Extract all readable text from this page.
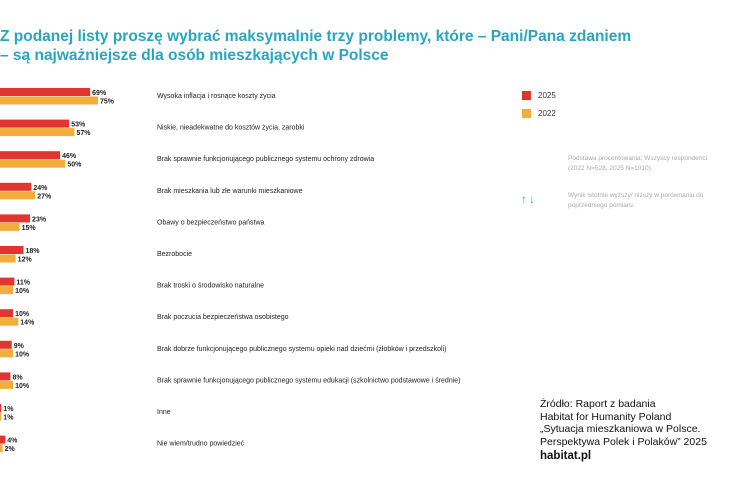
Z podanej listy proszę wybrać maksymalnie trzy problemy, które – Pani/Pana zdaniem
– są najważniejsze dla osób mieszkających w Polsce
69%
75%
Wysoka inflacja i rosnące koszty życia
53%
57%
Niskie, nieadekwatne do kosztów życia, zarobki
46%
50%
Brak sprawnie funkcjonującego publicznego systemu ochrony zdrowia
24%
27%
Brak mieszkania lub złe warunki mieszkaniowe
23%
15%
Obawy o bezpieczeństwo państwa
18%
12%
Bezrobocie
11%
10%
Brak troski o środowisko naturalne
10%
14%
Brak poczucia bezpieczeństwa osobistego
9%
10%
Brak dobrze funkcjonującego publicznego systemu opieki nad dziećmi (żłobków i przedszkoli)
8%
10%
Brak sprawnie funkcjonującego publicznego systemu edukacji (szkolnictwo podstawowe i średnie)
1%
1%
Inne
4%
2%
Nie wiem/trudno powiedzieć
2025
2022
Podstawa procentowania: Wszyscy respondenci (2022 N=528, 2025 N=1010).
↑↓	Wynik istotnie wyższy/ niższy w porównaniu do poprzedniego pomiaru.
Źródło: Raport z badania
Habitat for Humanity Poland
„Sytuacja mieszkaniowa w Polsce.
Perspektywa Polek i Polaków” 2025
habitat.pl
